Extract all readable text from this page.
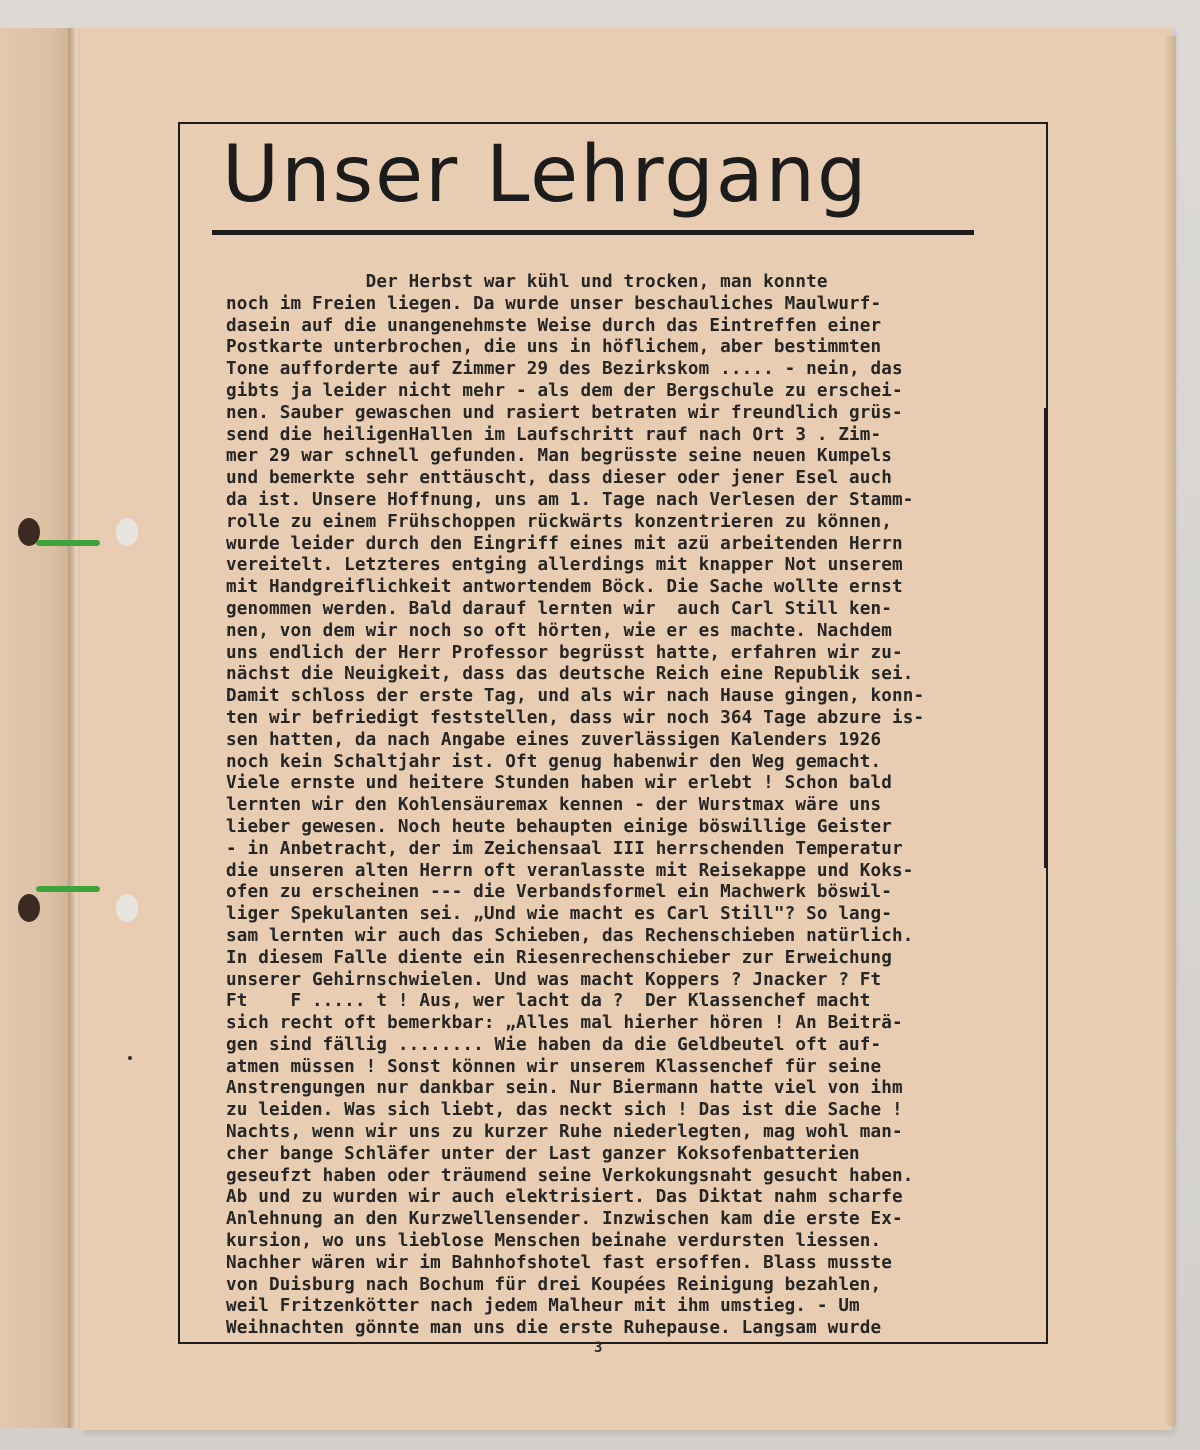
Unser Lehrgang
Der Herbst war kühl und trocken, man konnte
noch im Freien liegen. Da wurde unser beschauliches Maulwurf-
dasein auf die unangenehmste Weise durch das Eintreffen einer
Postkarte unterbrochen, die uns in höflichem, aber bestimmten
Tone aufforderte auf Zimmer 29 des Bezirkskom ..... - nein, das
gibts ja leider nicht mehr - als dem der Bergschule zu erschei-
nen. Sauber gewaschen und rasiert betraten wir freundlich grüs-
send die heiligenHallen im Laufschritt rauf nach Ort 3 . Zim-
mer 29 war schnell gefunden. Man begrüsste seine neuen Kumpels
und bemerkte sehr enttäuscht, dass dieser oder jener Esel auch
da ist. Unsere Hoffnung, uns am 1. Tage nach Verlesen der Stamm-
rolle zu einem Frühschoppen rückwärts konzentrieren zu können,
wurde leider durch den Eingriff eines mit azü arbeitenden Herrn
vereitelt. Letzteres entging allerdings mit knapper Not unserem
mit Handgreiflichkeit antwortendem Böck. Die Sache wollte ernst
genommen werden. Bald darauf lernten wir  auch Carl Still ken-
nen, von dem wir noch so oft hörten, wie er es machte. Nachdem
uns endlich der Herr Professor begrüsst hatte, erfahren wir zu-
nächst die Neuigkeit, dass das deutsche Reich eine Republik sei.
Damit schloss der erste Tag, und als wir nach Hause gingen, konn-
ten wir befriedigt feststellen, dass wir noch 364 Tage abzure is-
sen hatten, da nach Angabe eines zuverlässigen Kalenders 1926
noch kein Schaltjahr ist. Oft genug habenwir den Weg gemacht.
Viele ernste und heitere Stunden haben wir erlebt ! Schon bald
lernten wir den Kohlensäuremax kennen - der Wurstmax wäre uns
lieber gewesen. Noch heute behaupten einige böswillige Geister
- in Anbetracht, der im Zeichensaal III herrschenden Temperatur
die unseren alten Herrn oft veranlasste mit Reisekappe und Koks-
ofen zu erscheinen --- die Verbandsformel ein Machwerk böswil-
liger Spekulanten sei. „Und wie macht es Carl Still"? So lang-
sam lernten wir auch das Schieben, das Rechenschieben natürlich.
In diesem Falle diente ein Riesenrechenschieber zur Erweichung
unserer Gehirnschwielen. Und was macht Koppers ? Jnacker ? Ft
Ft    F ..... t ! Aus, wer lacht da ?  Der Klassenchef macht
sich recht oft bemerkbar: „Alles mal hierher hören ! An Beiträ-
gen sind fällig ........ Wie haben da die Geldbeutel oft auf-
atmen müssen ! Sonst können wir unserem Klassenchef für seine
Anstrengungen nur dankbar sein. Nur Biermann hatte viel von ihm
zu leiden. Was sich liebt, das neckt sich ! Das ist die Sache !
Nachts, wenn wir uns zu kurzer Ruhe niederlegten, mag wohl man-
cher bange Schläfer unter der Last ganzer Koksofenbatterien
geseufzt haben oder träumend seine Verkokungsnaht gesucht haben.
Ab und zu wurden wir auch elektrisiert. Das Diktat nahm scharfe
Anlehnung an den Kurzwellensender. Inzwischen kam die erste Ex-
kursion, wo uns lieblose Menschen beinahe verdursten liessen.
Nachher wären wir im Bahnhofshotel fast ersoffen. Blass musste
von Duisburg nach Bochum für drei Koupées Reinigung bezahlen,
weil Fritzenkötter nach jedem Malheur mit ihm umstieg. - Um
Weihnachten gönnte man uns die erste Ruhepause. Langsam wurde
3
